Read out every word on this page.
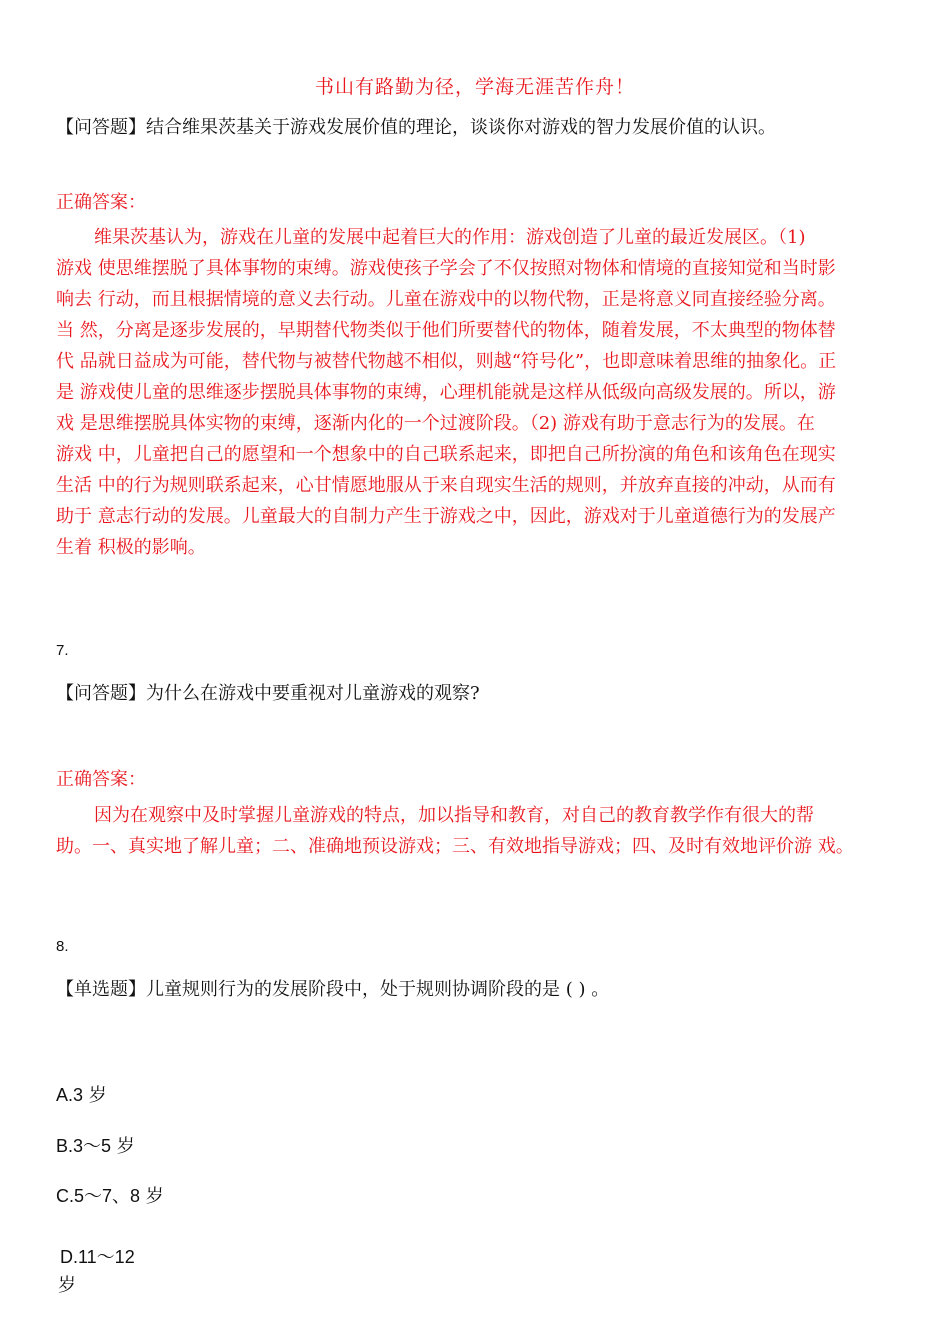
书山有路勤为径，学海无涯苦作舟！
【问答题】结合维果茨基关于游戏发展价值的理论，谈谈你对游戏的智力发展价值的认识。
正确答案：
维果茨基认为，游戏在儿童的发展中起着巨大的作用：游戏创造了儿童的最近发展区。（1)
游戏 使思维摆脱了具体事物的束缚。游戏使孩子学会了不仅按照对物体和情境的直接知觉和当时影
响去 行动，而且根据情境的意义去行动。儿童在游戏中的以物代物，正是将意义同直接经验分离。
当 然，分离是逐步发展的，早期替代物类似于他们所要替代的物体，随着发展，不太典型的物体替
代 品就日益成为可能，替代物与被替代物越不相似，则越“符号化”，也即意味着思维的抽象化。正
是 游戏使儿童的思维逐步摆脱具体事物的束缚，心理机能就是这样从低级向高级发展的。所以，游
戏 是思维摆脱具体实物的束缚，逐渐内化的一个过渡阶段。（2) 游戏有助于意志行为的发展。在
游戏 中，儿童把自己的愿望和一个想象中的自己联系起来，即把自己所扮演的角色和该角色在现实
生活 中的行为规则联系起来，心甘情愿地服从于来自现实生活的规则，并放弃直接的冲动，从而有
助于 意志行动的发展。儿童最大的自制力产生于游戏之中，因此，游戏对于儿童道德行为的发展产
生着 积极的影响。
7.
【问答题】为什么在游戏中要重视对儿童游戏的观察?
正确答案：
因为在观察中及时掌握儿童游戏的特点，加以指导和教育，对自己的教育教学作有很大的帮
助。一、真实地了解儿童；二、准确地预设游戏；三、有效地指导游戏；四、及时有效地评价游 戏。
8.
【单选题】儿童规则行为的发展阶段中，处于规则协调阶段的是 ( ) 。
A.3 岁
B.3～5 岁
C.5～7、8 岁
D.11～12
岁
